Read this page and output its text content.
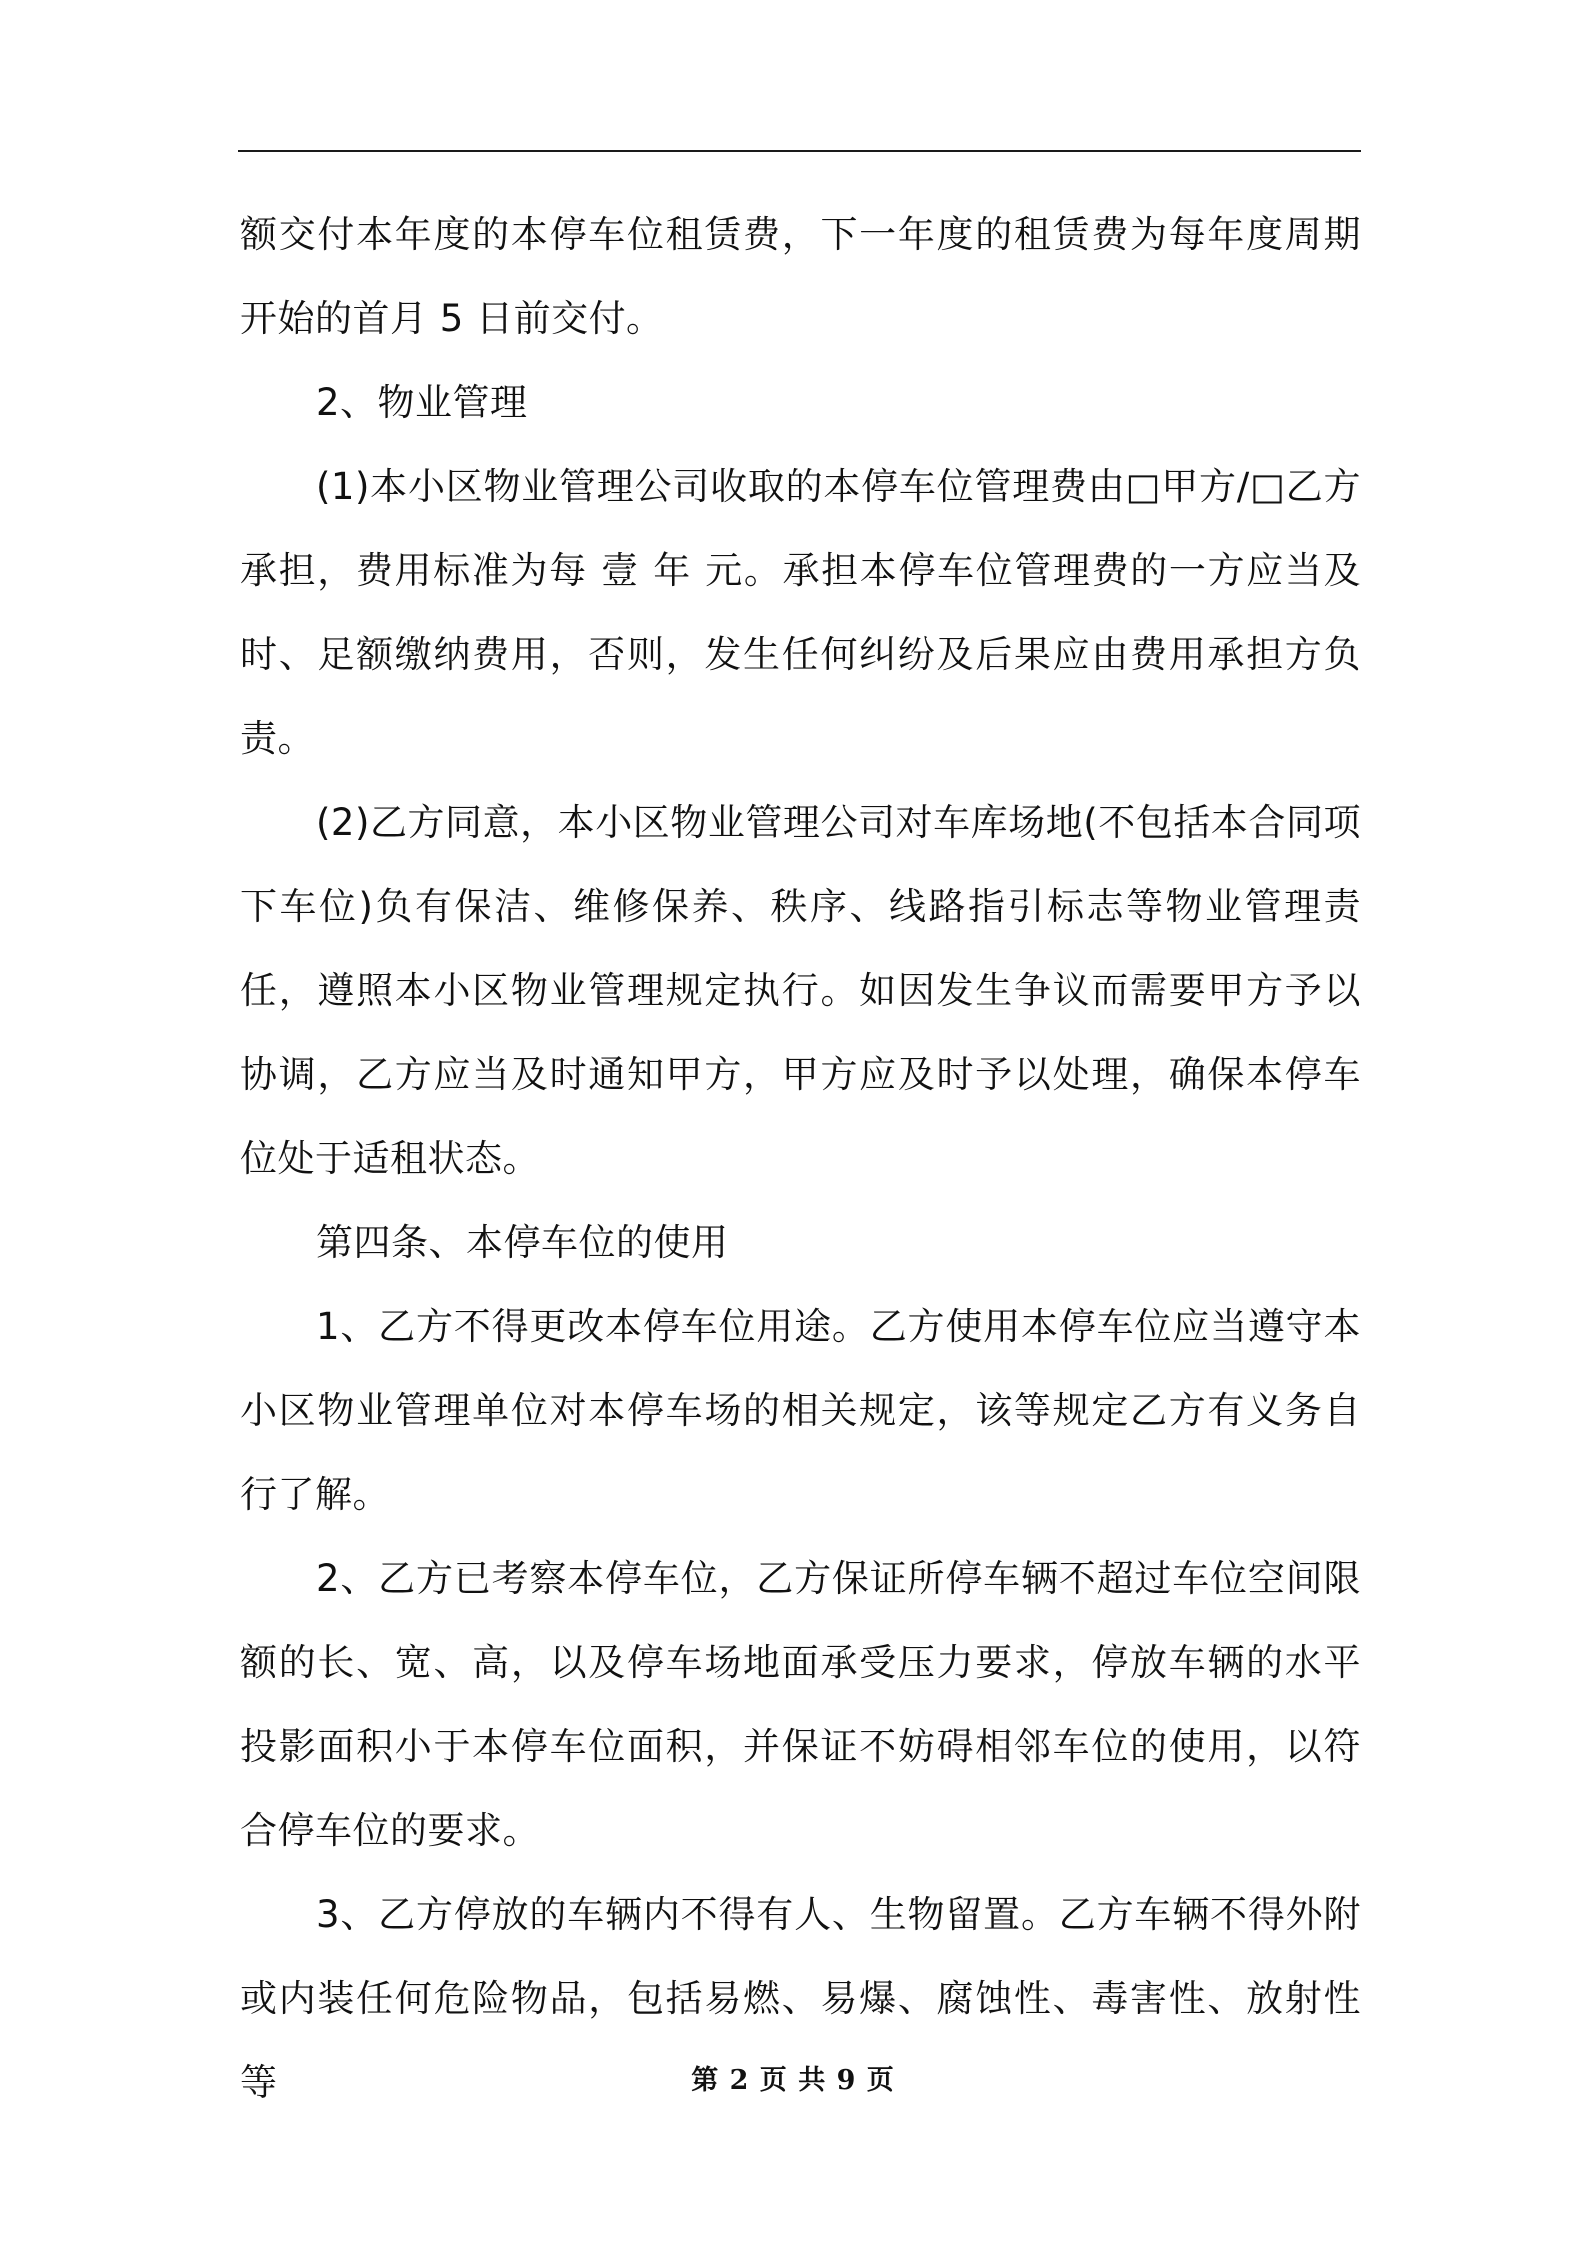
额交付本年度的本停车位租赁费，下一年度的租赁费为每年度周期开始的首月 5 日前交付。

2、物业管理

(1)本小区物业管理公司收取的本停车位管理费由□甲方/□乙方承担，费用标准为每 壹 年 元。承担本停车位管理费的一方应当及时、足额缴纳费用，否则，发生任何纠纷及后果应由费用承担方负责。

(2)乙方同意，本小区物业管理公司对车库场地(不包括本合同项下车位)负有保洁、维修保养、秩序、线路指引标志等物业管理责任，遵照本小区物业管理规定执行。如因发生争议而需要甲方予以协调，乙方应当及时通知甲方，甲方应及时予以处理，确保本停车位处于适租状态。

第四条、本停车位的使用

1、乙方不得更改本停车位用途。乙方使用本停车位应当遵守本小区物业管理单位对本停车场的相关规定，该等规定乙方有义务自行了解。

2、乙方已考察本停车位，乙方保证所停车辆不超过车位空间限额的长、宽、高，以及停车场地面承受压力要求，停放车辆的水平投影面积小于本停车位面积，并保证不妨碍相邻车位的使用，以符合停车位的要求。

3、乙方停放的车辆内不得有人、生物留置。乙方车辆不得外附或内装任何危险物品，包括易燃、易爆、腐蚀性、毒害性、放射性等	第 2 页 共 9 页
